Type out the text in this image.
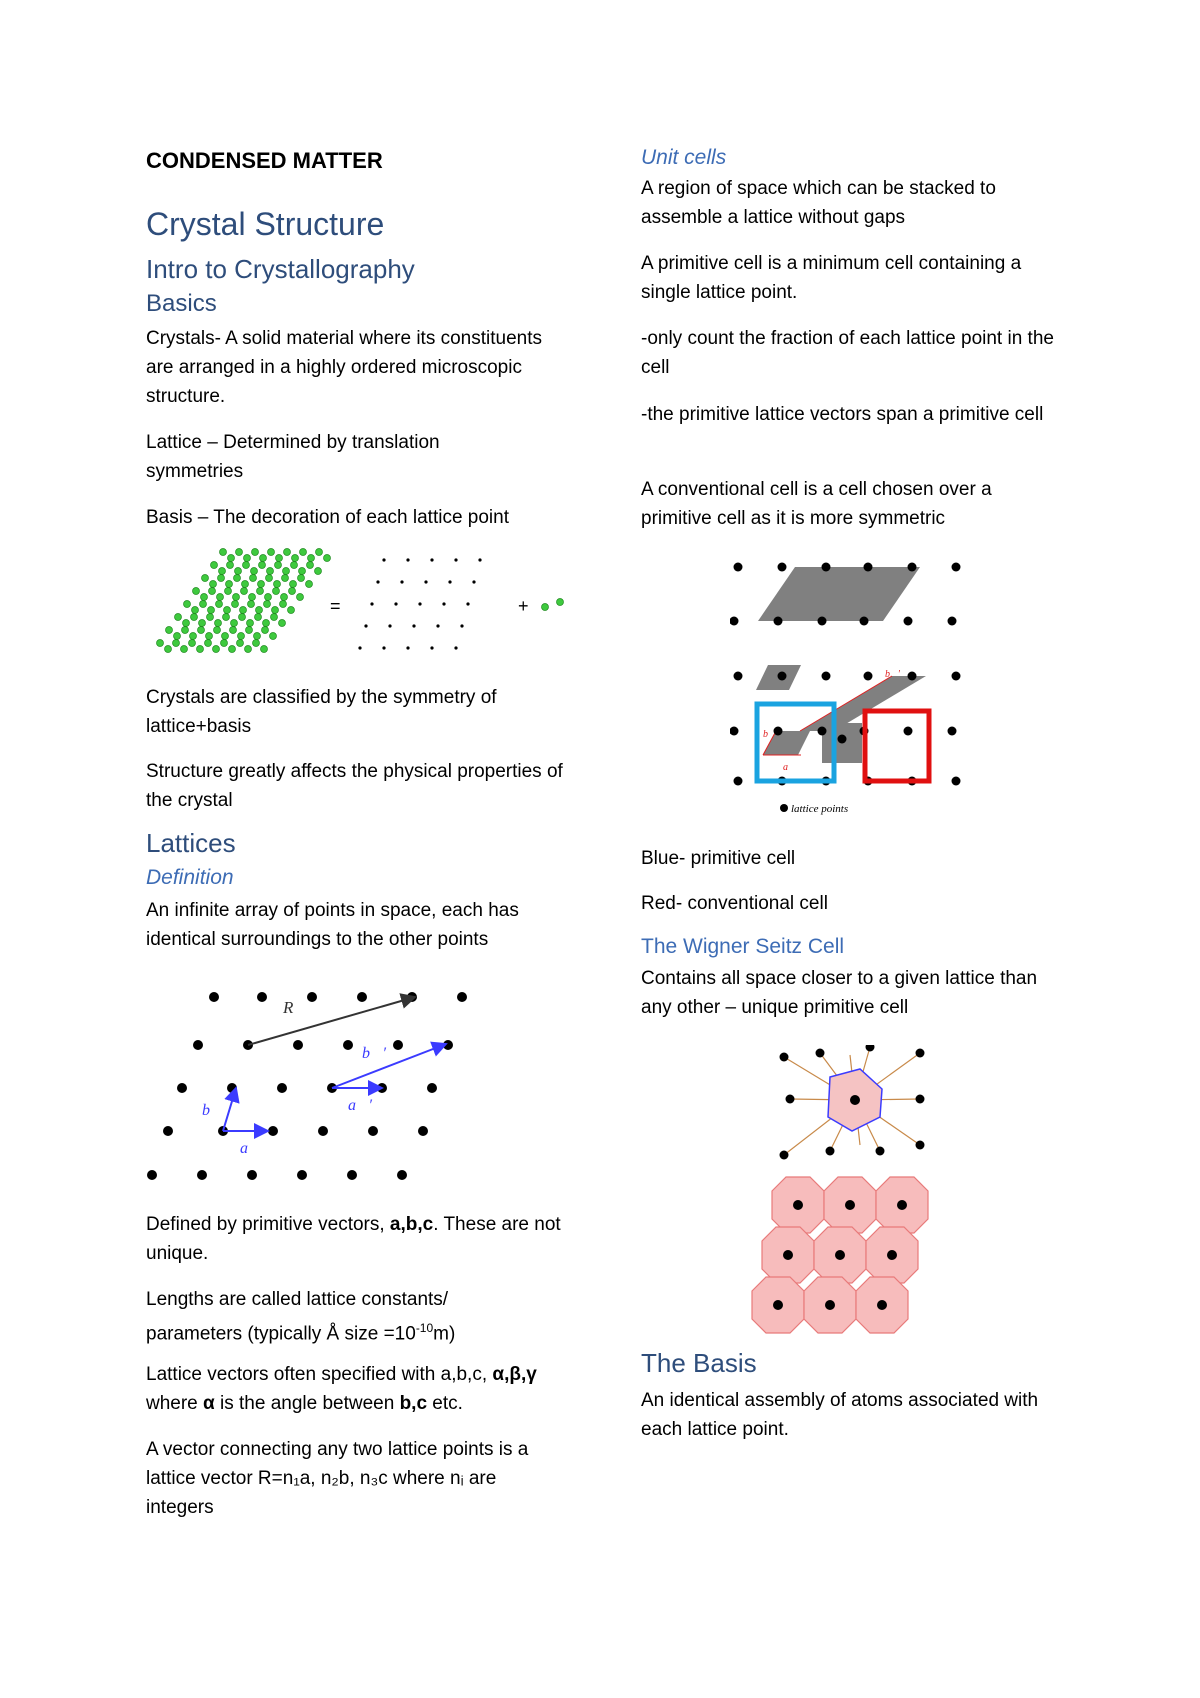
CONDENSED MATTER
Crystal Structure
Intro to Crystallography
Basics
Crystals- A solid material where its constituents are arranged in a highly ordered microscopic structure.
Lattice – Determined by translation symmetries
Basis – The decoration of each lattice point
=	+
Crystals are classified by the symmetry of lattice+basis
Structure greatly affects the physical properties of the crystal
Lattices
Definition
An infinite array of points in space, each has identical surroundings to the other points
R⃗
b⃗′
a⃗′
b⃗
a⃗
Defined by primitive vectors, a,b,c. These are not unique.
Lengths are called lattice constants/ parameters (typically Å size $=10^{-10}m$)
Lattice vectors often specified with a,b,c, α,β,γ where α is the angle between b,c etc.
A vector connecting any two lattice points is a lattice vector R=n₁a, n₂b, n₃c where nᵢ are integers
Unit cells
A region of space which can be stacked to assemble a lattice without gaps
A primitive cell is a minimum cell containing a single lattice point.
-only count the fraction of each lattice point in the cell
-the primitive lattice vectors span a primitive cell
A conventional cell is a cell chosen over a primitive cell as it is more symmetric
b⃗
a⃗
b⃗′
lattice points
Blue- primitive cell
Red- conventional cell
The Wigner Seitz Cell
Contains all space closer to a given lattice than any other – unique primitive cell
The Basis
An identical assembly of atoms associated with each lattice point.
